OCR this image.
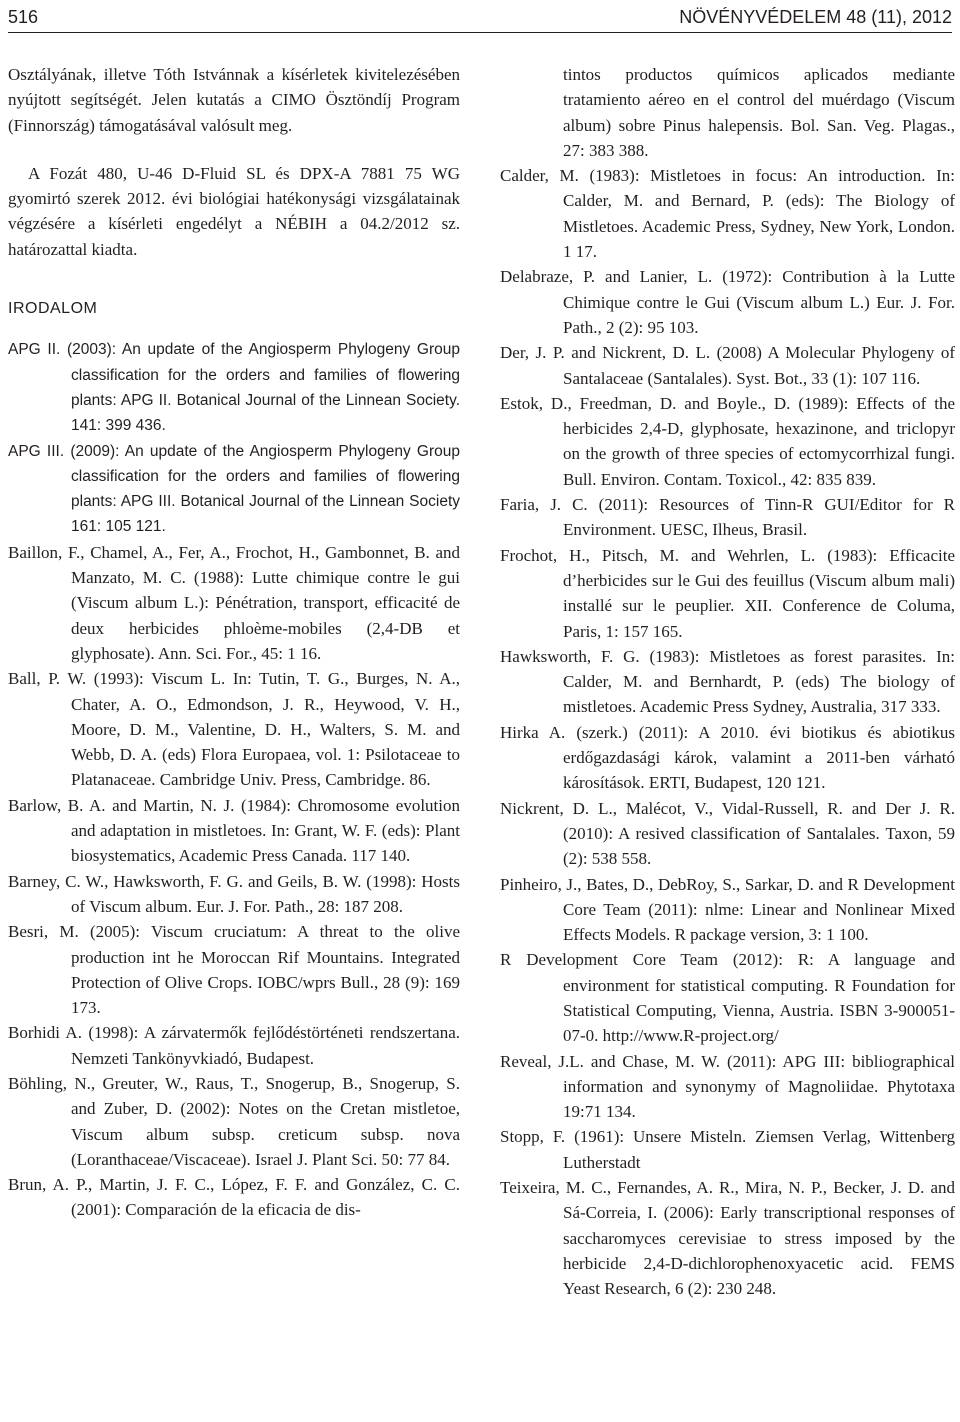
516	NÖVÉNYVÉDELEM 48 (11), 2012

Osztályának, illetve Tóth Istvánnak a kísérletek kivitelezésében nyújtott segítségét. Jelen kutatás a CIMO Ösztöndíj Program (Finnország) támogatásával valósult meg.

A Fozát 480, U-46 D-Fluid SL és DPX-A 7881 75 WG gyomirtó szerek 2012. évi biológiai hatékonysági vizsgálatainak végzésére a kísérleti engedélyt a NÉBIH a 04.2/2012 sz. határozattal kiadta.

IRODALOM

APG II. (2003): An update of the Angiosperm Phylogeny Group classification for the orders and families of flowering plants: APG II. Botanical Journal of the Linnean Society. 141: 399 436.

APG III. (2009): An update of the Angiosperm Phylogeny Group classification for the orders and families of flowering plants: APG III. Botanical Journal of the Linnean Society 161: 105 121.

Baillon, F., Chamel, A., Fer, A., Frochot, H., Gambonnet, B. and Manzato, M. C. (1988): Lutte chimique contre le gui (Viscum album L.): Pénétration, transport, efficacité de deux herbicides phloème-mobiles (2,4-DB et glyphosate). Ann. Sci. For., 45: 1 16.

Ball, P. W. (1993): Viscum L. In: Tutin, T. G., Burges, N. A., Chater, A. O., Edmondson, J. R., Heywood, V. H., Moore, D. M., Valentine, D. H., Walters, S. M. and Webb, D. A. (eds) Flora Europaea, vol. 1: Psilotaceae to Platanaceae. Cambridge Univ. Press, Cambridge. 86.

Barlow, B. A. and Martin, N. J. (1984): Chromosome evolution and adaptation in mistletoes. In: Grant, W. F. (eds): Plant biosystematics, Academic Press Canada. 117 140.

Barney, C. W., Hawksworth, F. G. and Geils, B. W. (1998): Hosts of Viscum album. Eur. J. For. Path., 28: 187 208.

Besri, M. (2005): Viscum cruciatum: A threat to the olive production int he Moroccan Rif Mountains. Integrated Protection of Olive Crops. IOBC/wprs Bull., 28 (9): 169 173.

Borhidi A. (1998): A zárvatermők fejlődéstörténeti rendszertana. Nemzeti Tankönyvkiadó, Budapest.

Böhling, N., Greuter, W., Raus, T., Snogerup, B., Snogerup, S. and Zuber, D. (2002): Notes on the Cretan mistletoe, Viscum album subsp. creticum subsp. nova (Loranthaceae/Viscaceae). Israel J. Plant Sci. 50: 77 84.

Brun, A. P., Martin, J. F. C., López, F. F. and González, C. C. (2001): Comparación de la eficacia de dis-

tintos productos químicos aplicados mediante tratamiento aéreo en el control del muérdago (Viscum album) sobre Pinus halepensis. Bol. San. Veg. Plagas., 27: 383 388.

Calder, M. (1983): Mistletoes in focus: An introduction. In: Calder, M. and Bernard, P. (eds): The Biology of Mistletoes. Academic Press, Sydney, New York, London. 1 17.

Delabraze, P. and Lanier, L. (1972): Contribution à la Lutte Chimique contre le Gui (Viscum album L.) Eur. J. For. Path., 2 (2): 95 103.

Der, J. P. and Nickrent, D. L. (2008) A Molecular Phylogeny of Santalaceae (Santalales). Syst. Bot., 33 (1): 107 116.

Estok, D., Freedman, D. and Boyle., D. (1989): Effects of the herbicides 2,4-D, glyphosate, hexazinone, and triclopyr on the growth of three species of ectomycorrhizal fungi. Bull. Environ. Contam. Toxicol., 42: 835 839.

Faria, J. C. (2011): Resources of Tinn-R GUI/Editor for R Environment. UESC, Ilheus, Brasil.

Frochot, H., Pitsch, M. and Wehrlen, L. (1983): Efficacite d’herbicides sur le Gui des feuillus (Viscum album mali) installé sur le peuplier. XII. Conference de Columa, Paris, 1: 157 165.

Hawksworth, F. G. (1983): Mistletoes as forest parasites. In: Calder, M. and Bernhardt, P. (eds) The biology of mistletoes. Academic Press Sydney, Australia, 317 333.

Hirka A. (szerk.) (2011): A 2010. évi biotikus és abiotikus erdőgazdasági károk, valamint a 2011-ben várható károsítások. ERTI, Budapest, 120 121.

Nickrent, D. L., Malécot, V., Vidal-Russell, R. and Der J. R. (2010): A resived classification of Santalales. Taxon, 59 (2): 538 558.

Pinheiro, J., Bates, D., DebRoy, S., Sarkar, D. and R Development Core Team (2011): nlme: Linear and Nonlinear Mixed Effects Models. R package version, 3: 1 100.

R Development Core Team (2012): R: A language and environment for statistical computing. R Foundation for Statistical Computing, Vienna, Austria. ISBN 3-900051-07-0. http://www.R-project.org/

Reveal, J.L. and Chase, M. W. (2011): APG III: bibliographical information and synonymy of Magnoliidae. Phytotaxa 19:71 134.

Stopp, F. (1961): Unsere Misteln. Ziemsen Verlag, Wittenberg Lutherstadt

Teixeira, M. C., Fernandes, A. R., Mira, N. P., Becker, J. D. and Sá-Correia, I. (2006): Early transcriptional responses of saccharomyces cerevisiae to stress imposed by the herbicide 2,4-D-dichlorophenoxyacetic acid. FEMS Yeast Research, 6 (2): 230 248.
